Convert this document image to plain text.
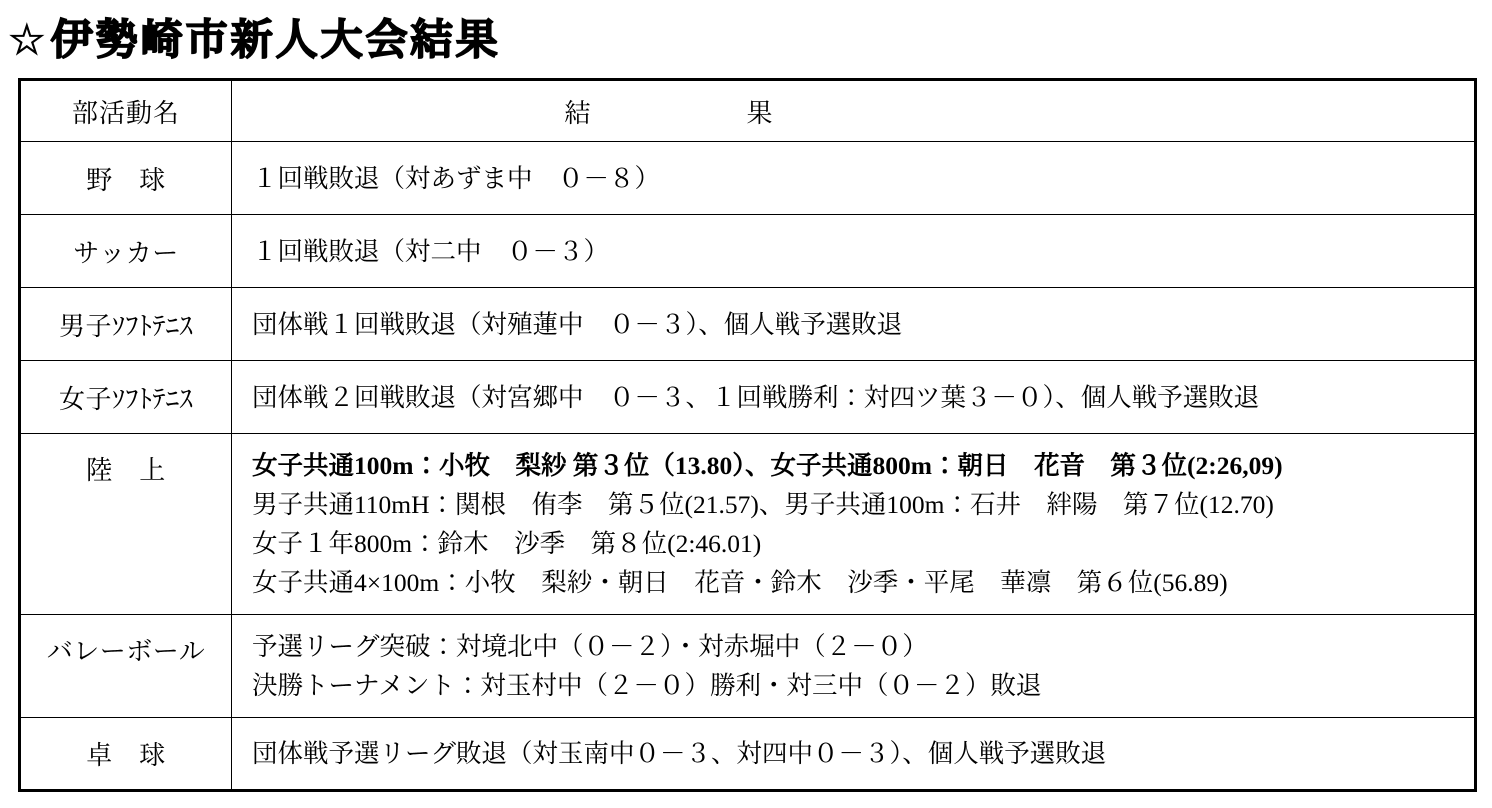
☆伊勢崎市新人大会結果
部活動名	結　　　　　　果
野　球	１回戦敗退（対あずま中　０－８）

サッカー	１回戦敗退（対二中　０－３）

男子ｿﾌﾄﾃﾆｽ	団体戦１回戦敗退（対殖蓮中　０－３）、個人戦予選敗退

女子ｿﾌﾄﾃﾆｽ	団体戦２回戦敗退（対宮郷中　０－３、１回戦勝利：対四ツ葉３－０）、個人戦予選敗退

陸　上	女子共通100m：小牧　梨紗 第３位（13.80）、女子共通800m：朝日　花音　第３位(2:26,09)
男子共通110mH：関根　侑李　第５位(21.57)、男子共通100m：石井　絆陽　第７位(12.70)
女子１年800m：鈴木　沙季　第８位(2:46.01)
女子共通4×100m：小牧　梨紗・朝日　花音・鈴木　沙季・平尾　華凛　第６位(56.89)

バレーボール	予選リーグ突破：対境北中（０－２）・対赤堀中（２－０）
決勝トーナメント：対玉村中（２－０）勝利・対三中（０－２）敗退

卓　球	団体戦予選リーグ敗退（対玉南中０－３、対四中０－３）、個人戦予選敗退
